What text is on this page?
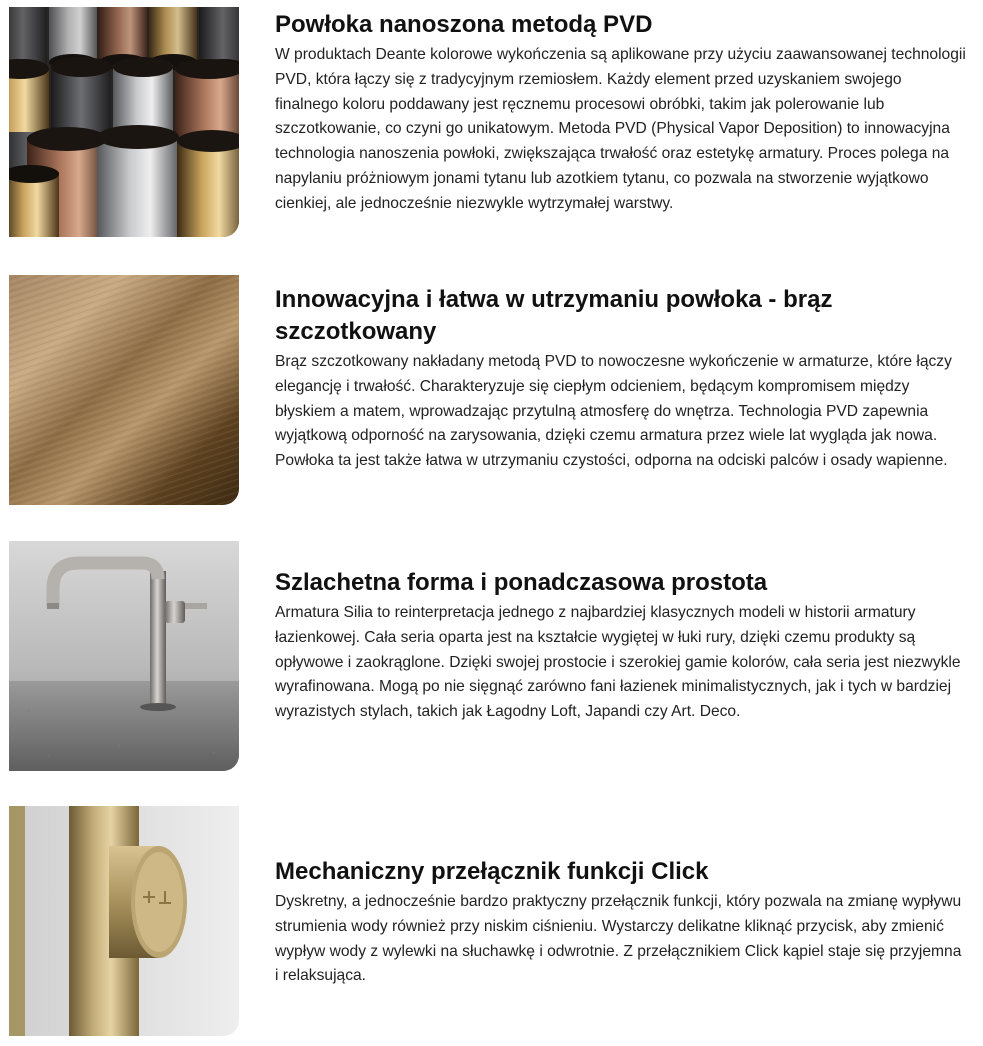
Powłoka nanoszona metodą PVD

W produktach Deante kolorowe wykończenia są aplikowane przy użyciu zaawansowanej technologii PVD, która łączy się z tradycyjnym rzemiosłem. Każdy element przed uzyskaniem swojego finalnego koloru poddawany jest ręcznemu procesowi obróbki, takim jak polerowanie lub szczotkowanie, co czyni go unikatowym. Metoda PVD (Physical Vapor Deposition) to innowacyjna technologia nanoszenia powłoki, zwiększająca trwałość oraz estetykę armatury. Proces polega na napylaniu próżniowym jonami tytanu lub azotkiem tytanu, co pozwala na stworzenie wyjątkowo cienkiej, ale jednocześnie niezwykle wytrzymałej warstwy.

Innowacyjna i łatwa w utrzymaniu powłoka - brąz szczotkowany

Brąz szczotkowany nakładany metodą PVD to nowoczesne wykończenie w armaturze, które łączy elegancję i trwałość. Charakteryzuje się ciepłym odcieniem, będącym kompromisem między błyskiem a matem, wprowadzając przytulną atmosferę do wnętrza. Technologia PVD zapewnia wyjątkową odporność na zarysowania, dzięki czemu armatura przez wiele lat wygląda jak nowa. Powłoka ta jest także łatwa w utrzymaniu czystości, odporna na odciski palców i osady wapienne.

Szlachetna forma i ponadczasowa prostota

Armatura Silia to reinterpretacja jednego z najbardziej klasycznych modeli w historii armatury łazienkowej. Cała seria oparta jest na kształcie wygiętej w łuki rury, dzięki czemu produkty są opływowe i zaokrąglone. Dzięki swojej prostocie i szerokiej gamie kolorów, cała seria jest niezwykle wyrafinowana. Mogą po nie sięgnąć zarówno fani łazienek minimalistycznych, jak i tych w bardziej wyrazistych stylach, takich jak Łagodny Loft, Japandi czy Art. Deco.

Mechaniczny przełącznik funkcji Click

Dyskretny, a jednocześnie bardzo praktyczny przełącznik funkcji, który pozwala na zmianę wypływu strumienia wody również przy niskim ciśnieniu. Wystarczy delikatne kliknąć przycisk, aby zmienić wypływ wody z wylewki na słuchawkę i odwrotnie. Z przełącznikiem Click kąpiel staje się przyjemna i relaksująca.
